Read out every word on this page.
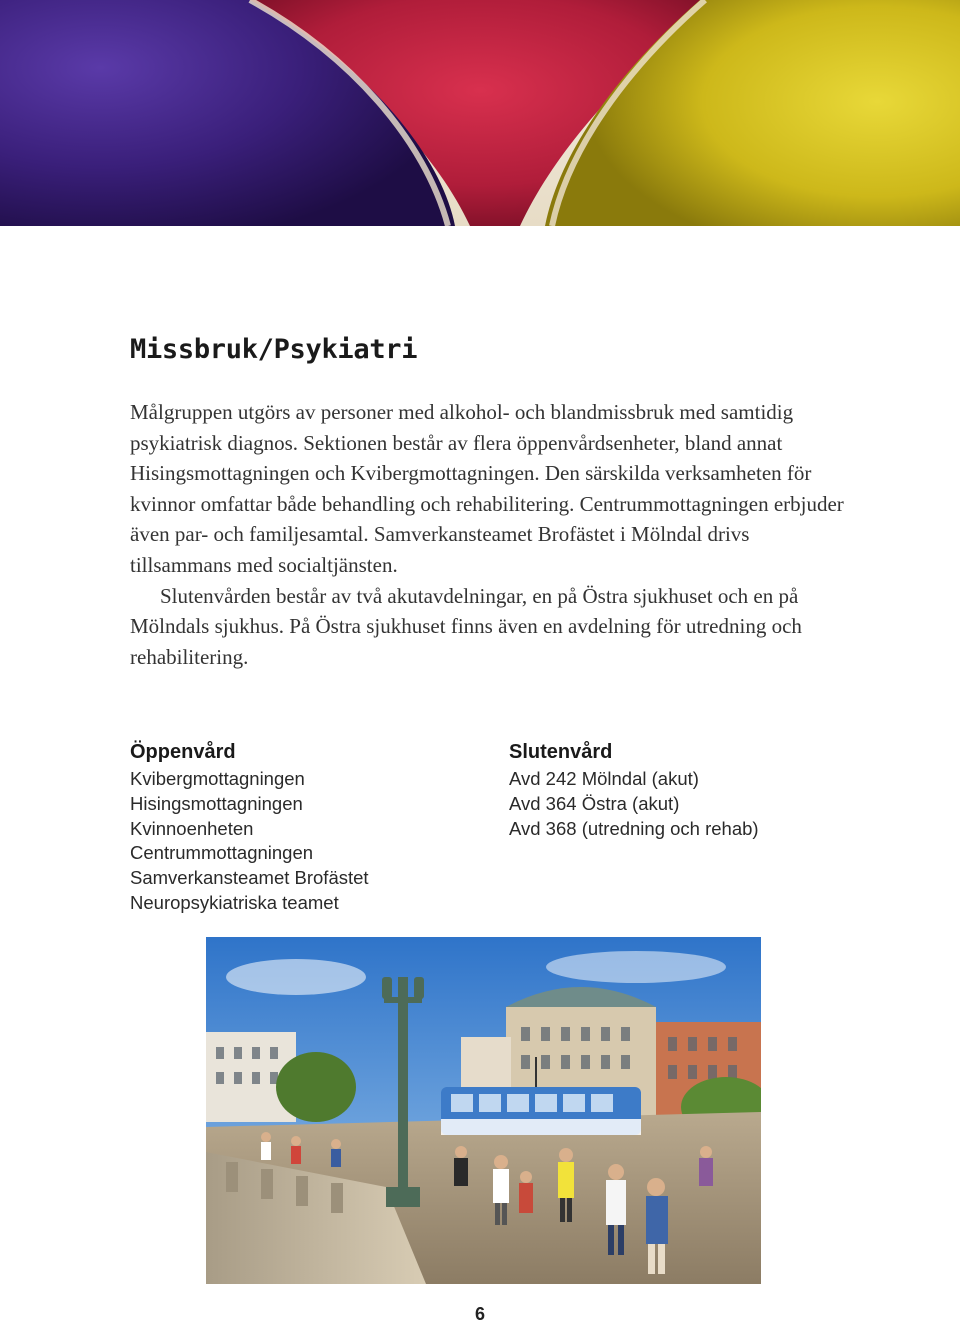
Missbruk/Psykiatri

Målgruppen utgörs av personer med alkohol- och blandmissbruk med samtidig psykiatrisk diagnos. Sektionen består av flera öppenvårdsenheter, bland annat Hisingsmottagningen och Kvibergmottagningen. Den särskilda verksamheten för kvinnor omfattar både behandling och rehabilitering. Centrummottagningen erbjuder även par- och familjesamtal. Samverkansteamet Brofästet i Mölndal drivs tillsammans med socialtjänsten.

Slutenvården består av två akutavdelningar, en på Östra sjukhuset och en på Mölndals sjukhus. På Östra sjukhuset finns även en avdelning för utredning och rehabilitering.

Öppenvård
Kvibergmottagningen
Hisingsmottagningen
Kvinnoenheten
Centrummottagningen
Samverkansteamet Brofästet
Neuropsykiatriska teamet
Slutenvård
Avd 242 Mölndal (akut)
Avd 364 Östra (akut)
Avd 368 (utredning och rehab)
6
